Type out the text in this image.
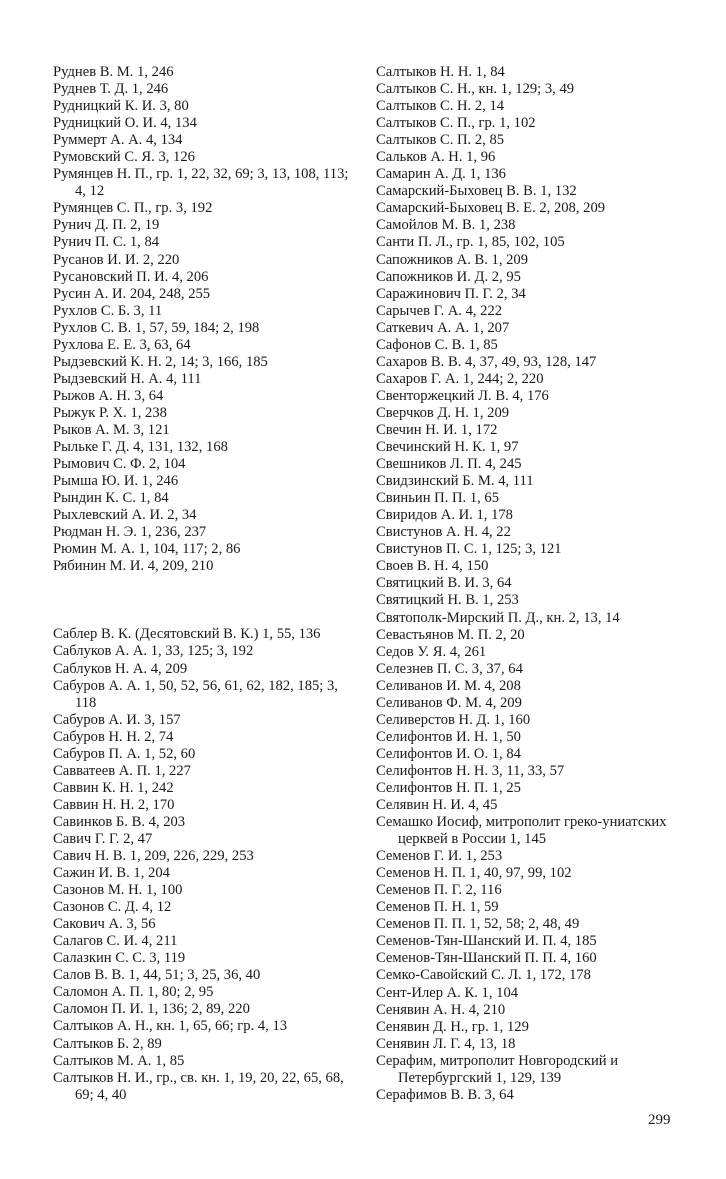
Руднев В. М. 1, 246
Руднев Т. Д. 1, 246
Рудницкий К. И. 3, 80
Рудницкий О. И. 4, 134
Руммерт А. А. 4, 134
Румовский С. Я. 3, 126
Румянцев Н. П., гр. 1, 22, 32, 69; 3, 13, 108, 113; 4, 12
Румянцев С. П., гр. 3, 192
Рунич Д. П. 2, 19
Рунич П. С. 1, 84
Русанов И. И. 2, 220
Русановский П. И. 4, 206
Русин А. И. 204, 248, 255
Рухлов С. Б. 3, 11
Рухлов С. В. 1, 57, 59, 184; 2, 198
Рухлова Е. Е. 3, 63, 64
Рыдзевский К. Н. 2, 14; 3, 166, 185
Рыдзевский Н. А. 4, 111
Рыжов А. Н. 3, 64
Рыжук Р. Х. 1, 238
Рыков А. М. 3, 121
Рыльке Г. Д. 4, 131, 132, 168
Рымович С. Ф. 2, 104
Рымша Ю. И. 1, 246
Рындин К. С. 1, 84
Рыхлевский А. И. 2, 34
Рюдман Н. Э. 1, 236, 237
Рюмин М. А. 1, 104, 117; 2, 86
Рябинин М. И. 4, 209, 210
Саблер В. К. (Десятовский В. К.) 1, 55, 136
Саблуков А. А. 1, 33, 125; 3, 192
Саблуков Н. А. 4, 209
Сабуров А. А. 1, 50, 52, 56, 61, 62, 182, 185; 3, 118
Сабуров А. И. 3, 157
Сабуров Н. Н. 2, 74
Сабуров П. А. 1, 52, 60
Савватеев А. П. 1, 227
Саввин К. Н. 1, 242
Саввин Н. Н. 2, 170
Савинков Б. В. 4, 203
Савич Г. Г. 2, 47
Савич Н. В. 1, 209, 226, 229, 253
Сажин И. В. 1, 204
Сазонов М. Н. 1, 100
Сазонов С. Д. 4, 12
Сакович А. 3, 56
Салагов С. И. 4, 211
Салазкин С. С. 3, 119
Салов В. В. 1, 44, 51; 3, 25, 36, 40
Саломон А. П. 1, 80; 2, 95
Саломон П. И. 1, 136; 2, 89, 220
Салтыков А. Н., кн. 1, 65, 66; гр. 4, 13
Салтыков Б. 2, 89
Салтыков М. А. 1, 85
Салтыков Н. И., гр., св. кн. 1, 19, 20, 22, 65, 68, 69; 4, 40
Салтыков Н. Н. 1, 84
Салтыков С. Н., кн. 1, 129; 3, 49
Салтыков С. Н. 2, 14
Салтыков С. П., гр. 1, 102
Салтыков С. П. 2, 85
Сальков А. Н. 1, 96
Самарин А. Д. 1, 136
Самарский-Быховец В. В. 1, 132
Самарский-Быховец В. Е. 2, 208, 209
Самойлов М. В. 1, 238
Санти П. Л., гр. 1, 85, 102, 105
Сапожников А. В. 1, 209
Сапожников И. Д. 2, 95
Саражинович П. Г. 2, 34
Сарычев Г. А. 4, 222
Саткевич А. А. 1, 207
Сафонов С. В. 1, 85
Сахаров В. В. 4, 37, 49, 93, 128, 147
Сахаров Г. А. 1, 244; 2, 220
Свенторжецкий Л. В. 4, 176
Сверчков Д. Н. 1, 209
Свечин Н. И. 1, 172
Свечинский Н. К. 1, 97
Свешников Л. П. 4, 245
Свидзинский Б. М. 4, 111
Свиньин П. П. 1, 65
Свиридов А. И. 1, 178
Свистунов А. Н. 4, 22
Свистунов П. С. 1, 125; 3, 121
Своев В. Н. 4, 150
Святицкий В. И. 3, 64
Святицкий Н. В. 1, 253
Святополк-Мирский П. Д., кн. 2, 13, 14
Севастьянов М. П. 2, 20
Седов У. Я. 4, 261
Селезнев П. С. 3, 37, 64
Селиванов И. М. 4, 208
Селиванов Ф. М. 4, 209
Селиверстов Н. Д. 1, 160
Селифонтов И. Н. 1, 50
Селифонтов И. О. 1, 84
Селифонтов Н. Н. 3, 11, 33, 57
Селифонтов Н. П. 1, 25
Селявин Н. И. 4, 45
Семашко Иосиф, митрополит греко-униатских церквей в России 1, 145
Семенов Г. И. 1, 253
Семенов Н. П. 1, 40, 97, 99, 102
Семенов П. Г. 2, 116
Семенов П. Н. 1, 59
Семенов П. П. 1, 52, 58; 2, 48, 49
Семенов-Тян-Шанский И. П. 4, 185
Семенов-Тян-Шанский П. П. 4, 160
Семко-Савойский С. Л. 1, 172, 178
Сент-Илер А. К. 1, 104
Сенявин А. Н. 4, 210
Сенявин Д. Н., гр. 1, 129
Сенявин Л. Г. 4, 13, 18
Серафим, митрополит Новгородский и Петербургский 1, 129, 139
Серафимов В. В. 3, 64
299
